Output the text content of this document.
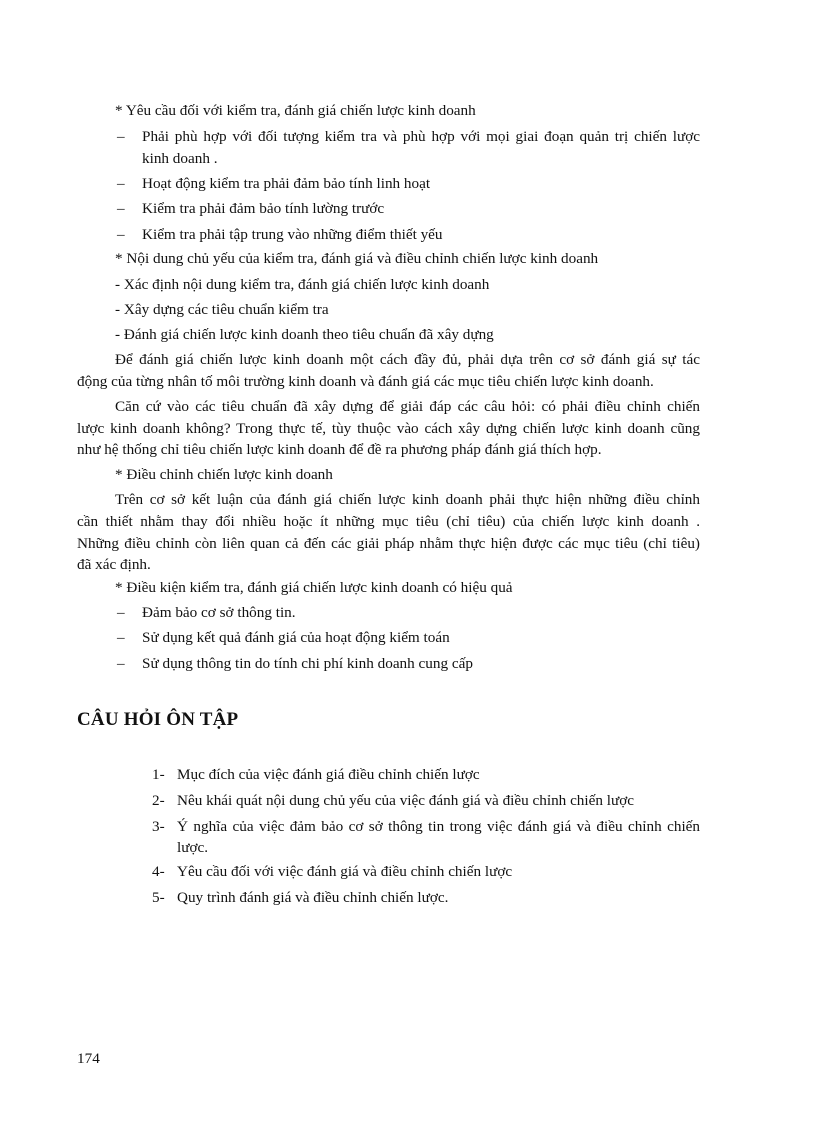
* Yêu cầu đối với kiểm tra, đánh giá chiến lược kinh doanh
– Phải phù hợp với đối tượng kiểm tra và phù hợp với mọi giai đoạn quản trị chiến lược
kinh doanh .
– Hoạt động kiểm tra phải đảm bảo tính linh hoạt
– Kiểm tra phải đảm bảo tính lường trước
– Kiểm tra phải tập trung vào những điểm thiết yếu
* Nội dung chủ yếu của kiểm tra, đánh giá và điều chỉnh chiến lược kinh doanh
- Xác định nội dung kiểm tra, đánh giá chiến lược kinh doanh
- Xây dựng các tiêu chuẩn kiểm tra
- Đánh giá chiến lược kinh doanh theo tiêu chuẩn đã xây dựng
Để đánh giá chiến lược kinh doanh một cách đầy đủ, phải dựa trên cơ sở đánh giá sự tác
động của từng nhân tố môi trường kinh doanh và đánh giá các mục tiêu chiến lược kinh doanh.
Căn cứ vào các tiêu chuẩn đã xây dựng để giải đáp các câu hỏi: có phải điều chỉnh chiến
lược kinh doanh không? Trong thực tế, tùy thuộc vào cách xây dựng chiến lược kinh doanh cũng
như hệ thống chỉ tiêu chiến lược kinh doanh để đề ra phương pháp đánh giá thích hợp.
* Điều chỉnh chiến lược kinh doanh
Trên cơ sở kết luận của đánh giá chiến lược kinh doanh phải thực hiện những điều chỉnh
cần thiết nhằm thay đổi nhiều hoặc ít những mục tiêu (chỉ tiêu) của chiến lược kinh doanh .
Những điều chỉnh còn liên quan cả đến các giải pháp nhằm thực hiện được các mục tiêu (chỉ tiêu)
đã xác định.
* Điều kiện kiểm tra, đánh giá chiến lược kinh doanh có hiệu quả
– Đảm bảo cơ sở thông tin.
– Sử dụng kết quả đánh giá của hoạt động kiểm toán
– Sử dụng thông tin do tính chi phí kinh doanh cung cấp
CÂU HỎI ÔN TẬP
1- Mục đích của việc đánh giá điều chỉnh chiến lược
2- Nêu khái quát nội dung chủ yếu của việc đánh giá và điều chỉnh chiến lược
3- Ý nghĩa của việc đảm bảo cơ sở thông tin trong việc đánh giá và điều chỉnh chiến
lược.
4- Yêu cầu đối với việc đánh giá và điều chỉnh chiến lược
5- Quy trình đánh giá và điều chỉnh chiến lược.
174
